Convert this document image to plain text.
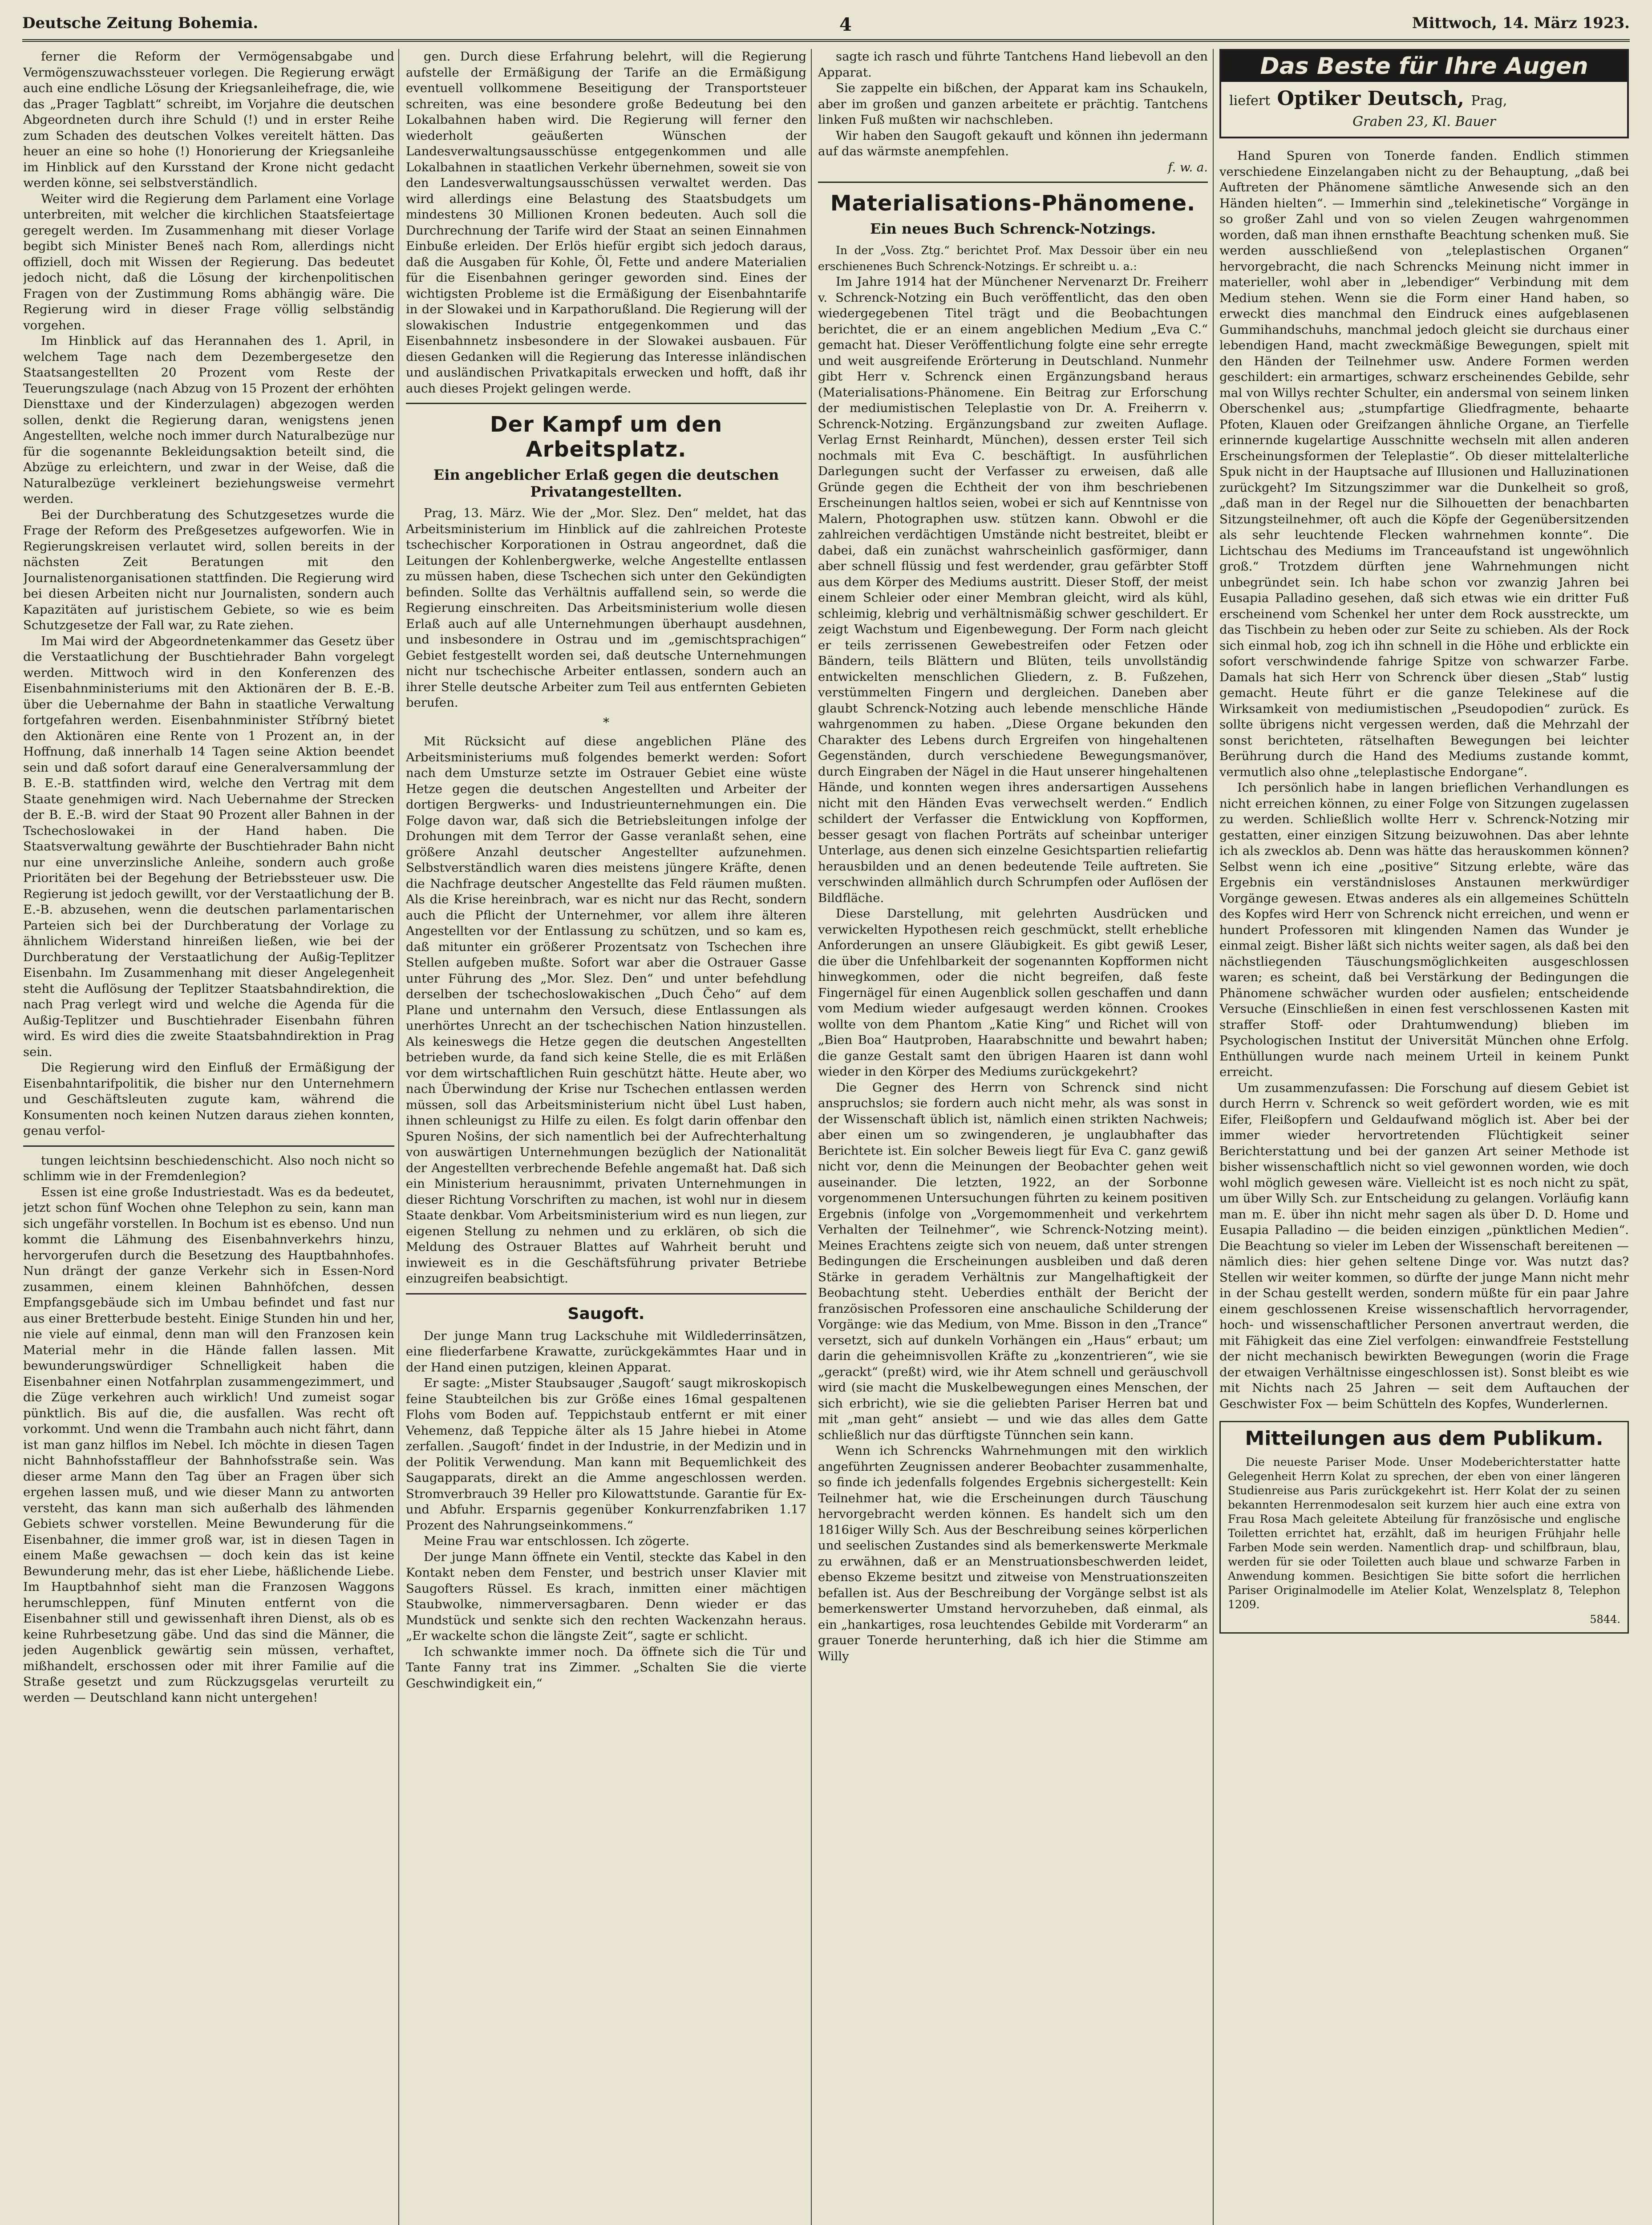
Deutsche Zeitung Bohemia.	4	Mittwoch, 14. März 1923.

ferner die Reform der Vermögensabgabe und Vermögenszuwachssteuer vorlegen. Die Regierung erwägt auch eine endliche Lösung der Kriegsanleihefrage, die, wie das „Prager Tagblatt“ schreibt, im Vorjahre die deutschen Abgeordneten durch ihre Schuld (!) und in erster Reihe zum Schaden des deutschen Volkes vereitelt hätten. Das heuer an eine so hohe (!) Honorierung der Kriegsanleihe im Hinblick auf den Kursstand der Krone nicht gedacht werden könne, sei selbstverständlich.

Weiter wird die Regierung dem Parlament eine Vorlage unterbreiten, mit welcher die kirchlichen Staatsfeiertage geregelt werden. Im Zusammenhang mit dieser Vorlage begibt sich Minister Beneš nach Rom, allerdings nicht offiziell, doch mit Wissen der Regierung. Das bedeutet jedoch nicht, daß die Lösung der kirchenpolitischen Fragen von der Zustimmung Roms abhängig wäre. Die Regierung wird in dieser Frage völlig selbständig vorgehen.

Im Hinblick auf das Herannahen des 1. April, in welchem Tage nach dem Dezembergesetze den Staatsangestellten 20 Prozent vom Reste der Teuerungszulage (nach Abzug von 15 Prozent der erhöhten Diensttaxe und der Kinderzulagen) abgezogen werden sollen, denkt die Regierung daran, wenigstens jenen Angestellten, welche noch immer durch Naturalbezüge nur für die sogenannte Bekleidungsaktion beteilt sind, die Abzüge zu erleichtern, und zwar in der Weise, daß die Naturalbezüge verkleinert beziehungsweise vermehrt werden.

Bei der Durchberatung des Schutzgesetzes wurde die Frage der Reform des Preßgesetzes aufgeworfen. Wie in Regierungskreisen verlautet wird, sollen bereits in der nächsten Zeit Beratungen mit den Journalistenorganisationen stattfinden. Die Regierung wird bei diesen Arbeiten nicht nur Journalisten, sondern auch Kapazitäten auf juristischem Gebiete, so wie es beim Schutzgesetze der Fall war, zu Rate ziehen.

Im Mai wird der Abgeordnetenkammer das Gesetz über die Verstaatlichung der Buschtiehrader Bahn vorgelegt werden. Mittwoch wird in den Konferenzen des Eisenbahnministeriums mit den Aktionären der B. E.-B. über die Uebernahme der Bahn in staatliche Verwaltung fortgefahren werden. Eisenbahnminister Stříbrný bietet den Aktionären eine Rente von 1 Prozent an, in der Hoffnung, daß innerhalb 14 Tagen seine Aktion beendet sein und daß sofort darauf eine Generalversammlung der B. E.-B. stattfinden wird, welche den Vertrag mit dem Staate genehmigen wird. Nach Uebernahme der Strecken der B. E.-B. wird der Staat 90 Prozent aller Bahnen in der Tschechoslowakei in der Hand haben. Die Staatsverwaltung gewährte der Buschtiehrader Bahn nicht nur eine unverzinsliche Anleihe, sondern auch große Prioritäten bei der Begehung der Betriebssteuer usw. Die Regierung ist jedoch gewillt, vor der Verstaatlichung der B. E.-B. abzusehen, wenn die deutschen parlamentarischen Parteien sich bei der Durchberatung der Vorlage zu ähnlichem Widerstand hinreißen ließen, wie bei der Durchberatung der Verstaatlichung der Außig-Teplitzer Eisenbahn. Im Zusammenhang mit dieser Angelegenheit steht die Auflösung der Teplitzer Staatsbahndirektion, die nach Prag verlegt wird und welche die Agenda für die Außig-Teplitzer und Buschtiehrader Eisenbahn führen wird. Es wird dies die zweite Staatsbahndirektion in Prag sein.

Die Regierung wird den Einfluß der Ermäßigung der Eisenbahntarifpolitik, die bisher nur den Unternehmern und Geschäftsleuten zugute kam, während die Konsumenten noch keinen Nutzen daraus ziehen konnten, genau verfol-

tungen leichtsinn beschiedenschicht. Also noch nicht so schlimm wie in der Fremdenlegion?

Essen ist eine große Industriestadt. Was es da bedeutet, jetzt schon fünf Wochen ohne Telephon zu sein, kann man sich ungefähr vorstellen. In Bochum ist es ebenso. Und nun kommt die Lähmung des Eisenbahnverkehrs hinzu, hervorgerufen durch die Besetzung des Hauptbahnhofes. Nun drängt der ganze Verkehr sich in Essen-Nord zusammen, einem kleinen Bahnhöfchen, dessen Empfangsgebäude sich im Umbau befindet und fast nur aus einer Bretterbude besteht. Einige Stunden hin und her, nie viele auf einmal, denn man will den Franzosen kein Material mehr in die Hände fallen lassen. Mit bewunderungswürdiger Schnelligkeit haben die Eisenbahner einen Notfahrplan zusammengezimmert, und die Züge verkehren auch wirklich! Und zumeist sogar pünktlich. Bis auf die, die ausfallen. Was recht oft vorkommt. Und wenn die Trambahn auch nicht fährt, dann ist man ganz hilflos im Nebel. Ich möchte in diesen Tagen nicht Bahnhofsstaffleur der Bahnhofsstraße sein. Was dieser arme Mann den Tag über an Fragen über sich ergehen lassen muß, und wie dieser Mann zu antworten versteht, das kann man sich außerhalb des lähmenden Gebiets schwer vorstellen. Meine Bewunderung für die Eisenbahner, die immer groß war, ist in diesen Tagen in einem Maße gewachsen — doch kein das ist keine Bewunderung mehr, das ist eher Liebe, häßlichende Liebe. Im Hauptbahnhof sieht man die Franzosen Waggons herumschleppen, fünf Minuten entfernt von die Eisenbahner still und gewissenhaft ihren Dienst, als ob es keine Ruhrbesetzung gäbe. Und das sind die Männer, die jeden Augenblick gewärtig sein müssen, verhaftet, mißhandelt, erschossen oder mit ihrer Familie auf die Straße gesetzt und zum Rückzugsgelas verurteilt zu werden — Deutschland kann nicht untergehen!

gen. Durch diese Erfahrung belehrt, will die Regierung aufstelle der Ermäßigung der Tarife an die Ermäßigung eventuell vollkommene Beseitigung der Transportsteuer schreiten, was eine besondere große Bedeutung bei den Lokalbahnen haben wird. Die Regierung will ferner den wiederholt geäußerten Wünschen der Landesverwaltungsausschüsse entgegenkommen und alle Lokalbahnen in staatlichen Verkehr übernehmen, soweit sie von den Landesverwaltungsausschüssen verwaltet werden. Das wird allerdings eine Belastung des Staatsbudgets um mindestens 30 Millionen Kronen bedeuten. Auch soll die Durchrechnung der Tarife wird der Staat an seinen Einnahmen Einbuße erleiden. Der Erlös hiefür ergibt sich jedoch daraus, daß die Ausgaben für Kohle, Öl, Fette und andere Materialien für die Eisenbahnen geringer geworden sind. Eines der wichtigsten Probleme ist die Ermäßigung der Eisenbahntarife in der Slowakei und in Karpathorußland. Die Regierung will der slowakischen Industrie entgegenkommen und das Eisenbahnnetz insbesondere in der Slowakei ausbauen. Für diesen Gedanken will die Regierung das Interesse inländischen und ausländischen Privatkapitals erwecken und hofft, daß ihr auch dieses Projekt gelingen werde.

Der Kampf um den Arbeitsplatz.
Ein angeblicher Erlaß gegen die deutschen Privatangestellten.

Prag, 13. März. Wie der „Mor. Slez. Den“ meldet, hat das Arbeitsministerium im Hinblick auf die zahlreichen Proteste tschechischer Korporationen in Ostrau angeordnet, daß die Leitungen der Kohlenbergwerke, welche Angestellte entlassen zu müssen haben, diese Tschechen sich unter den Gekündigten befinden. Sollte das Verhältnis auffallend sein, so werde die Regierung einschreiten. Das Arbeitsministerium wolle diesen Erlaß auch auf alle Unternehmungen überhaupt ausdehnen, und insbesondere in Ostrau und im „gemischtsprachigen“ Gebiet festgestellt worden sei, daß deutsche Unternehmungen nicht nur tschechische Arbeiter entlassen, sondern auch an ihrer Stelle deutsche Arbeiter zum Teil aus entfernten Gebieten berufen.

*

Mit Rücksicht auf diese angeblichen Pläne des Arbeitsministeriums muß folgendes bemerkt werden: Sofort nach dem Umsturze setzte im Ostrauer Gebiet eine wüste Hetze gegen die deutschen Angestellten und Arbeiter der dortigen Bergwerks- und Industrieunternehmungen ein. Die Folge davon war, daß sich die Betriebsleitungen infolge der Drohungen mit dem Terror der Gasse veranlaßt sehen, eine größere Anzahl deutscher Angestellter aufzunehmen. Selbstverständlich waren dies meistens jüngere Kräfte, denen die Nachfrage deutscher Angestellte das Feld räumen mußten. Als die Krise hereinbrach, war es nicht nur das Recht, sondern auch die Pflicht der Unternehmer, vor allem ihre älteren Angestellten vor der Entlassung zu schützen, und so kam es, daß mitunter ein größerer Prozentsatz von Tschechen ihre Stellen aufgeben mußte. Sofort war aber die Ostrauer Gasse unter Führung des „Mor. Slez. Den“ und unter befehdlung derselben der tschechoslowakischen „Duch Čeho“ auf dem Plane und unternahm den Versuch, diese Entlassungen als unerhörtes Unrecht an der tschechischen Nation hinzustellen. Als keineswegs die Hetze gegen die deutschen Angestellten betrieben wurde, da fand sich keine Stelle, die es mit Erläßen vor dem wirtschaftlichen Ruin geschützt hätte. Heute aber, wo nach Überwindung der Krise nur Tschechen entlassen werden müssen, soll das Arbeitsministerium nicht übel Lust haben, ihnen schleunigst zu Hilfe zu eilen. Es folgt darin offenbar den Spuren Nošins, der sich namentlich bei der Aufrechterhaltung von auswärtigen Unternehmungen bezüglich der Nationalität der Angestellten verbrechende Befehle angemaßt hat. Daß sich ein Ministerium herausnimmt, privaten Unternehmungen in dieser Richtung Vorschriften zu machen, ist wohl nur in diesem Staate denkbar. Vom Arbeitsministerium wird es nun liegen, zur eigenen Stellung zu nehmen und zu erklären, ob sich die Meldung des Ostrauer Blattes auf Wahrheit beruht und inwieweit es in die Geschäftsführung privater Betriebe einzugreifen beabsichtigt.

Saugoft.

Der junge Mann trug Lackschuhe mit Wildlederrinsätzen, eine fliederfarbene Krawatte, zurückgekämmtes Haar und in der Hand einen putzigen, kleinen Apparat.

Er sagte: „Mister Staubsauger ‚Saugoft‘ saugt mikroskopisch feine Staubteilchen bis zur Größe eines 16mal gespaltenen Flohs vom Boden auf. Teppichstaub entfernt er mit einer Vehemenz, daß Teppiche älter als 15 Jahre hiebei in Atome zerfallen. ‚Saugoft‘ findet in der Industrie, in der Medizin und in der Politik Verwendung. Man kann mit Bequemlichkeit des Saugapparats, direkt an die Amme angeschlossen werden. Stromverbrauch 39 Heller pro Kilowattstunde. Garantie für Ex- und Abfuhr. Ersparnis gegenüber Konkurrenzfabriken 1.17 Prozent des Nahrungseinkommens.“

Meine Frau war entschlossen. Ich zögerte.

Der junge Mann öffnete ein Ventil, steckte das Kabel in den Kontakt neben dem Fenster, und bestrich unser Klavier mit Saugofters Rüssel. Es krach, inmitten einer mächtigen Staubwolke, nimmerversagbaren. Denn wieder er das Mundstück und senkte sich den rechten Wackenzahn heraus. „Er wackelte schon die längste Zeit“, sagte er schlicht.

Ich schwankte immer noch. Da öffnete sich die Tür und Tante Fanny trat ins Zimmer. „Schalten Sie die vierte Geschwindigkeit ein,“

sagte ich rasch und führte Tantchens Hand liebevoll an den Apparat.

Sie zappelte ein bißchen, der Apparat kam ins Schaukeln, aber im großen und ganzen arbeitete er prächtig. Tantchens linken Fuß mußten wir nachschleben.

Wir haben den Saugoft gekauft und können ihn jedermann auf das wärmste anempfehlen.

f. w. a.
Materialisations-Phänomene.
Ein neues Buch Schrenck-Notzings.

In der „Voss. Ztg.“ berichtet Prof. Max Dessoir über ein neu erschienenes Buch Schrenck-Notzings. Er schreibt u. a.:

Im Jahre 1914 hat der Münchener Nervenarzt Dr. Freiherr v. Schrenck-Notzing ein Buch veröffentlicht, das den oben wiedergegebenen Titel trägt und die Beobachtungen berichtet, die er an einem angeblichen Medium „Eva C.“ gemacht hat. Dieser Veröffentlichung folgte eine sehr erregte und weit ausgreifende Erörterung in Deutschland. Nunmehr gibt Herr v. Schrenck einen Ergänzungsband heraus (Materialisations-Phänomene. Ein Beitrag zur Erforschung der mediumistischen Teleplastie von Dr. A. Freiherrn v. Schrenck-Notzing. Ergänzungsband zur zweiten Auflage. Verlag Ernst Reinhardt, München), dessen erster Teil sich nochmals mit Eva C. beschäftigt. In ausführlichen Darlegungen sucht der Verfasser zu erweisen, daß alle Gründe gegen die Echtheit der von ihm beschriebenen Erscheinungen haltlos seien, wobei er sich auf Kenntnisse von Malern, Photographen usw. stützen kann. Obwohl er die zahlreichen verdächtigen Umstände nicht bestreitet, bleibt er dabei, daß ein zunächst wahrscheinlich gasförmiger, dann aber schnell flüssig und fest werdender, grau gefärbter Stoff aus dem Körper des Mediums austritt. Dieser Stoff, der meist einem Schleier oder einer Membran gleicht, wird als kühl, schleimig, klebrig und verhältnismäßig schwer geschildert. Er zeigt Wachstum und Eigenbewegung. Der Form nach gleicht er teils zerrissenen Gewebestreifen oder Fetzen oder Bändern, teils Blättern und Blüten, teils unvollständig entwickelten menschlichen Gliedern, z. B. Fußzehen, verstümmelten Fingern und dergleichen. Daneben aber glaubt Schrenck-Notzing auch lebende menschliche Hände wahrgenommen zu haben. „Diese Organe bekunden den Charakter des Lebens durch Ergreifen von hingehaltenen Gegenständen, durch verschiedene Bewegungsmanöver, durch Eingraben der Nägel in die Haut unserer hingehaltenen Hände, und konnten wegen ihres andersartigen Aussehens nicht mit den Händen Evas verwechselt werden.“ Endlich schildert der Verfasser die Entwicklung von Kopfformen, besser gesagt von flachen Porträts auf scheinbar unteriger Unterlage, aus denen sich einzelne Gesichtspartien reliefartig herausbilden und an denen bedeutende Teile auftreten. Sie verschwinden allmählich durch Schrumpfen oder Auflösen der Bildfläche.

Diese Darstellung, mit gelehrten Ausdrücken und verwickelten Hypothesen reich geschmückt, stellt erhebliche Anforderungen an unsere Gläubigkeit. Es gibt gewiß Leser, die über die Unfehlbarkeit der sogenannten Kopfformen nicht hinwegkommen, oder die nicht begreifen, daß feste Fingernägel für einen Augenblick sollen geschaffen und dann vom Medium wieder aufgesaugt werden können. Crookes wollte von dem Phantom „Katie King“ und Richet will von „Bien Boa“ Hautproben, Haarabschnitte und bewahrt haben; die ganze Gestalt samt den übrigen Haaren ist dann wohl wieder in den Körper des Mediums zurückgekehrt?

Die Gegner des Herrn von Schrenck sind nicht anspruchslos; sie fordern auch nicht mehr, als was sonst in der Wissenschaft üblich ist, nämlich einen strikten Nachweis; aber einen um so zwingenderen, je unglaubhafter das Berichtete ist. Ein solcher Beweis liegt für Eva C. ganz gewiß nicht vor, denn die Meinungen der Beobachter gehen weit auseinander. Die letzten, 1922, an der Sorbonne vorgenommenen Untersuchungen führten zu keinem positiven Ergebnis (infolge von „Vorgemommenheit und verkehrtem Verhalten der Teilnehmer“, wie Schrenck-Notzing meint). Meines Erachtens zeigte sich von neuem, daß unter strengen Bedingungen die Erscheinungen ausbleiben und daß deren Stärke in geradem Verhältnis zur Mangelhaftigkeit der Beobachtung steht. Ueberdies enthält der Bericht der französischen Professoren eine anschauliche Schilderung der Vorgänge: wie das Medium, von Mme. Bisson in den „Trance“ versetzt, sich auf dunkeln Vorhängen ein „Haus“ erbaut; um darin die geheimnisvollen Kräfte zu „konzentrieren“, wie sie „gerackt“ (preßt) wird, wie ihr Atem schnell und geräuschvoll wird (sie macht die Muskelbewegungen eines Menschen, der sich erbricht), wie sie die geliebten Pariser Herren bat und mit „man geht“ ansiebt — und wie das alles dem Gatte schließlich nur das dürftigste Tünnchen sein kann.

Wenn ich Schrencks Wahrnehmungen mit den wirklich angeführten Zeugnissen anderer Beobachter zusammenhalte, so finde ich jedenfalls folgendes Ergebnis sichergestellt: Kein Teilnehmer hat, wie die Erscheinungen durch Täuschung hervorgebracht werden können. Es handelt sich um den 1816iger Willy Sch. Aus der Beschreibung seines körperlichen und seelischen Zustandes sind als bemerkenswerte Merkmale zu erwähnen, daß er an Menstruationsbeschwerden leidet, ebenso Ekzeme besitzt und zitweise von Menstruationszeiten befallen ist. Aus der Beschreibung der Vorgänge selbst ist als bemerkenswerter Umstand hervorzuheben, daß einmal, als ein „hankartiges, rosa leuchtendes Gebilde mit Vorderarm“ an grauer Tonerde herunterhing, daß ich hier die Stimme am Willy

Das Beste für Ihre Augen
liefert Optiker Deutsch, Prag,
Graben 23, Kl. Bauer

Hand Spuren von Tonerde fanden. Endlich stimmen verschiedene Einzelangaben nicht zu der Behauptung, „daß bei Auftreten der Phänomene sämtliche Anwesende sich an den Händen hielten“. — Immerhin sind „telekinetische“ Vorgänge in so großer Zahl und von so vielen Zeugen wahrgenommen worden, daß man ihnen ernsthafte Beachtung schenken muß. Sie werden ausschließend von „teleplastischen Organen“ hervorgebracht, die nach Schrencks Meinung nicht immer in materieller, wohl aber in „lebendiger“ Verbindung mit dem Medium stehen. Wenn sie die Form einer Hand haben, so erweckt dies manchmal den Eindruck eines aufgeblasenen Gummihandschuhs, manchmal jedoch gleicht sie durchaus einer lebendigen Hand, macht zweckmäßige Bewegungen, spielt mit den Händen der Teilnehmer usw. Andere Formen werden geschildert: ein armartiges, schwarz erscheinendes Gebilde, sehr mal von Willys rechter Schulter, ein andersmal von seinem linken Oberschenkel aus; „stumpfartige Gliedfragmente, behaarte Pfoten, Klauen oder Greifzangen ähnliche Organe, an Tierfelle erinnernde kugelartige Ausschnitte wechseln mit allen anderen Erscheinungsformen der Teleplastie“. Ob dieser mittelalterliche Spuk nicht in der Hauptsache auf Illusionen und Halluzinationen zurückgeht? Im Sitzungszimmer war die Dunkelheit so groß, „daß man in der Regel nur die Silhouetten der benachbarten Sitzungsteilnehmer, oft auch die Köpfe der Gegenübersitzenden als sehr leuchtende Flecken wahrnehmen konnte“. Die Lichtschau des Mediums im Tranceaufstand ist ungewöhnlich groß.“ Trotzdem dürften jene Wahrnehmungen nicht unbegründet sein. Ich habe schon vor zwanzig Jahren bei Eusapia Palladino gesehen, daß sich etwas wie ein dritter Fuß erscheinend vom Schenkel her unter dem Rock ausstreckte, um das Tischbein zu heben oder zur Seite zu schieben. Als der Rock sich einmal hob, zog ich ihn schnell in die Höhe und erblickte ein sofort verschwindende fahrige Spitze von schwarzer Farbe. Damals hat sich Herr von Schrenck über diesen „Stab“ lustig gemacht. Heute führt er die ganze Telekinese auf die Wirksamkeit von mediumistischen „Pseudopodien“ zurück. Es sollte übrigens nicht vergessen werden, daß die Mehrzahl der sonst berichteten, rätselhaften Bewegungen bei leichter Berührung durch die Hand des Mediums zustande kommt, vermutlich also ohne „teleplastische Endorgane“.

Ich persönlich habe in langen brieflichen Verhandlungen es nicht erreichen können, zu einer Folge von Sitzungen zugelassen zu werden. Schließlich wollte Herr v. Schrenck-Notzing mir gestatten, einer einzigen Sitzung beizuwohnen. Das aber lehnte ich als zwecklos ab. Denn was hätte das herauskommen können? Selbst wenn ich eine „positive“ Sitzung erlebte, wäre das Ergebnis ein verständnisloses Anstaunen merkwürdiger Vorgänge gewesen. Etwas anderes als ein allgemeines Schütteln des Kopfes wird Herr von Schrenck nicht erreichen, und wenn er hundert Professoren mit klingenden Namen das Wunder je einmal zeigt. Bisher läßt sich nichts weiter sagen, als daß bei den nächstliegenden Täuschungsmöglichkeiten ausgeschlossen waren; es scheint, daß bei Verstärkung der Bedingungen die Phänomene schwächer wurden oder ausfielen; entscheidende Versuche (Einschließen in einen fest verschlossenen Kasten mit straffer Stoff- oder Drahtumwendung) blieben im Psychologischen Institut der Universität München ohne Erfolg. Enthüllungen wurde nach meinem Urteil in keinem Punkt erreicht.

Um zusammenzufassen: Die Forschung auf diesem Gebiet ist durch Herrn v. Schrenck so weit gefördert worden, wie es mit Eifer, Fleißopfern und Geldaufwand möglich ist. Aber bei der immer wieder hervortretenden Flüchtigkeit seiner Berichterstattung und bei der ganzen Art seiner Methode ist bisher wissenschaftlich nicht so viel gewonnen worden, wie doch wohl möglich gewesen wäre. Vielleicht ist es noch nicht zu spät, um über Willy Sch. zur Entscheidung zu gelangen. Vorläufig kann man m. E. über ihn nicht mehr sagen als über D. D. Home und Eusapia Palladino — die beiden einzigen „pünktlichen Medien“. Die Beachtung so vieler im Leben der Wissenschaft bereitenen — nämlich dies: hier gehen seltene Dinge vor. Was nutzt das? Stellen wir weiter kommen, so dürfte der junge Mann nicht mehr in der Schau gestellt werden, sondern müßte für ein paar Jahre einem geschlossenen Kreise wissenschaftlich hervorragender, hoch- und wissenschaftlicher Personen anvertraut werden, die mit Fähigkeit das eine Ziel verfolgen: einwandfreie Feststellung der nicht mechanisch bewirkten Bewegungen (worin die Frage der etwaigen Verhältnisse eingeschlossen ist). Sonst bleibt es wie mit Nichts nach 25 Jahren — seit dem Auftauchen der Geschwister Fox — beim Schütteln des Kopfes, Wunderlernen.

Mitteilungen aus dem Publikum.

Die neueste Pariser Mode. Unser Modeberichterstatter hatte Gelegenheit Herrn Kolat zu sprechen, der eben von einer längeren Studienreise aus Paris zurückgekehrt ist. Herr Kolat der zu seinen bekannten Herrenmodesalon seit kurzem hier auch eine extra von Frau Rosa Mach geleitete Abteilung für französische und englische Toiletten errichtet hat, erzählt, daß im heurigen Frühjahr helle Farben Mode sein werden. Namentlich drap- und schilfbraun, blau, werden für sie oder Toiletten auch blaue und schwarze Farben in Anwendung kommen. Besichtigen Sie bitte sofort die herrlichen Pariser Originalmodelle im Atelier Kolat, Wenzelsplatz 8, Telephon 1209.

5844.
